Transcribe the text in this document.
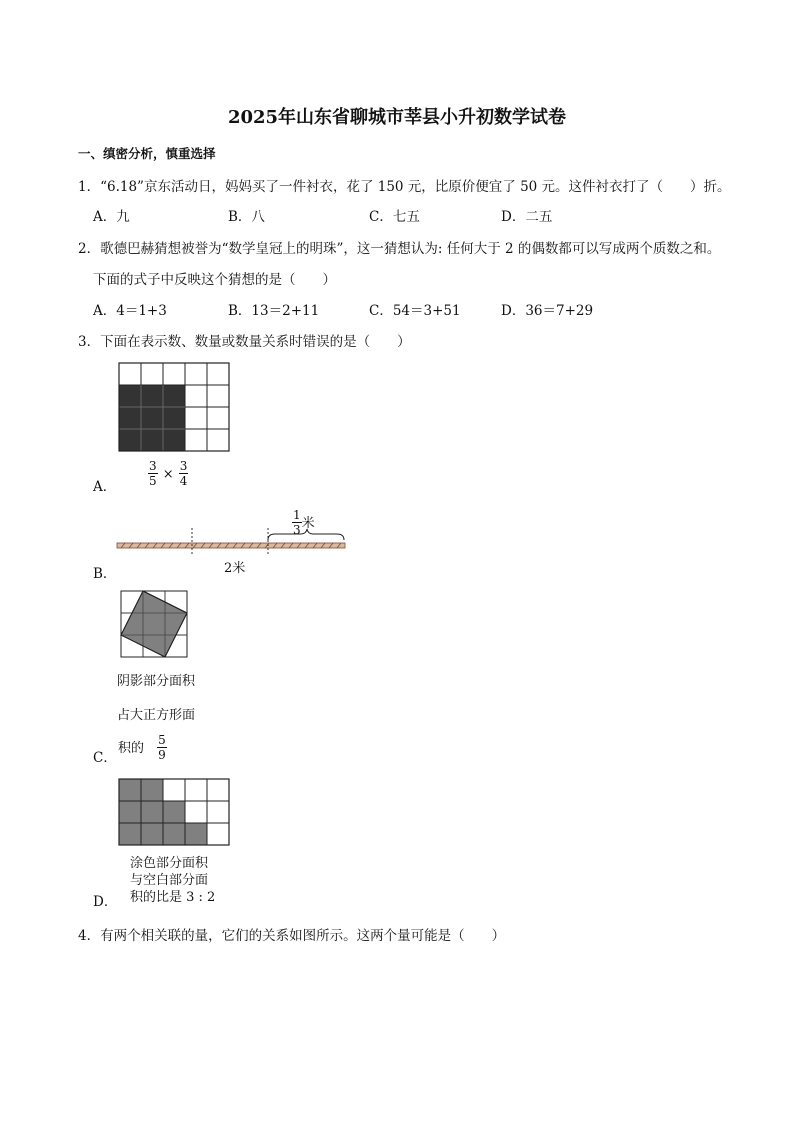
2025年山东省聊城市莘县小升初数学试卷
一、缜密分析，慎重选择
1．“6.18”京东活动日，妈妈买了一件衬衣，花了 150 元，比原价便宜了 50 元。这件衬衣打了（　　）折。
A．九	B．八	C．七五	D．二五
2．歌德巴赫猜想被誉为“数学皇冠上的明珠”，这一猜想认为: 任何大于 2 的偶数都可以写成两个质数之和。
下面的式子中反映这个猜想的是（　　）
A．4＝1+3	B．13＝2+11	C．54＝3+51	D．36＝7+29
3．下面在表示数、数量或数量关系时错误的是（　　）
A．	$\frac{3}{5} \times \frac{3}{4}$
$\frac{1}{3}$ 米
2米
B．
阴影部分面积
占大正方形面
积的 $\frac{5}{9}$
C．
涂色部分面积
与空白部分面
积的比是 3 : 2
D．
4．有两个相关联的量，它们的关系如图所示。这两个量可能是（　　）
